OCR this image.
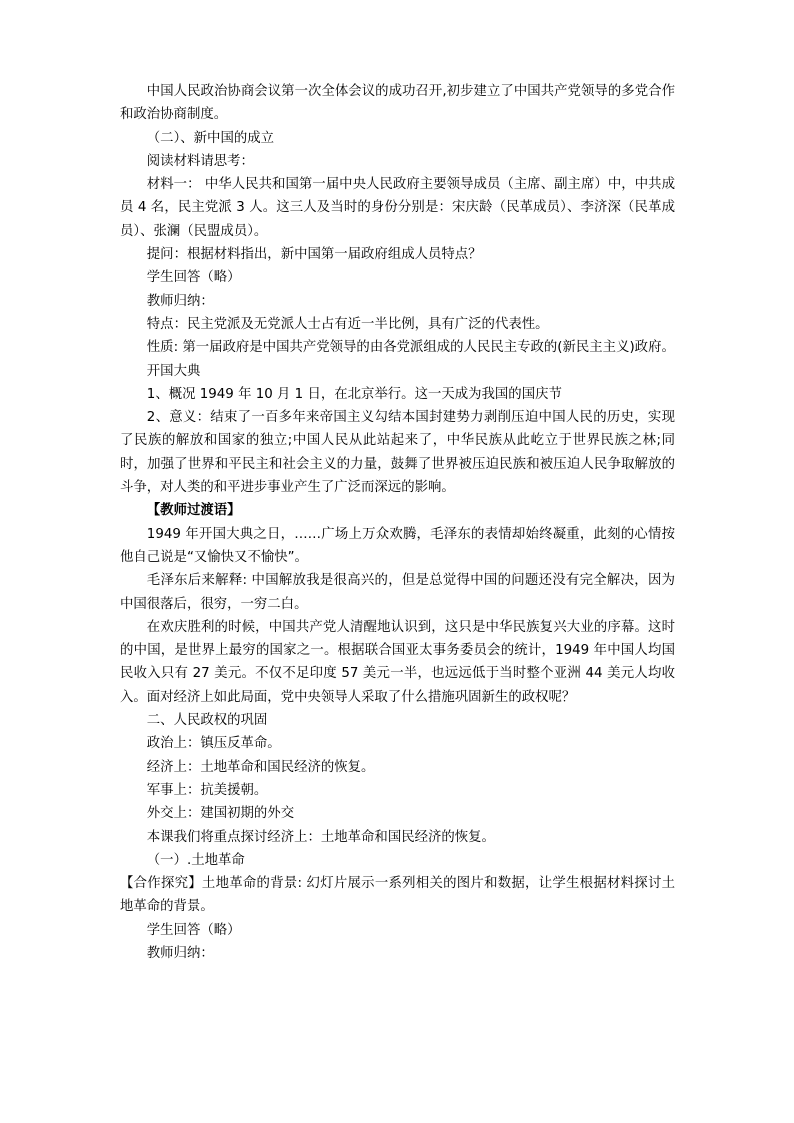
中国人民政治协商会议第一次全体会议的成功召开,初步建立了中国共产党领导的多党合作和政治协商制度。

（二）、新中国的成立

阅读材料请思考：

材料一： 中华人民共和国第一届中央人民政府主要领导成员（主席、副主席）中，中共成员 4 名，民主党派 3 人。这三人及当时的身份分别是：宋庆龄（民革成员）、李济深（民革成员）、张澜（民盟成员）。

提问：根据材料指出，新中国第一届政府组成人员特点？

学生回答（略）

教师归纳：

特点：民主党派及无党派人士占有近一半比例，具有广泛的代表性。

性质: 第一届政府是中国共产党领导的由各党派组成的人民民主专政的(新民主主义)政府。

开国大典

1、概况 1949 年 10 月 1 日，在北京举行。这一天成为我国的国庆节

2、意义：结束了一百多年来帝国主义勾结本国封建势力剥削压迫中国人民的历史，实现了民族的解放和国家的独立;中国人民从此站起来了，中华民族从此屹立于世界民族之林;同时，加强了世界和平民主和社会主义的力量，鼓舞了世界被压迫民族和被压迫人民争取解放的斗争，对人类的和平进步事业产生了广泛而深远的影响。

【教师过渡语】

1949 年开国大典之日，……广场上万众欢腾，毛泽东的表情却始终凝重，此刻的心情按他自己说是“又愉快又不愉快”。

毛泽东后来解释: 中国解放我是很高兴的，但是总觉得中国的问题还没有完全解决，因为中国很落后，很穷，一穷二白。

在欢庆胜利的时候，中国共产党人清醒地认识到，这只是中华民族复兴大业的序幕。这时的中国，是世界上最穷的国家之一。根据联合国亚太事务委员会的统计，1949 年中国人均国民收入只有 27 美元。不仅不足印度 57 美元一半，也远远低于当时整个亚洲 44 美元人均收入。面对经济上如此局面，党中央领导人采取了什么措施巩固新生的政权呢？

二、人民政权的巩固

政治上：镇压反革命。

经济上：土地革命和国民经济的恢复。

军事上：抗美援朝。

外交上：建国初期的外交

本课我们将重点探讨经济上：土地革命和国民经济的恢复。

（一）.土地革命

【合作探究】土地革命的背景: 幻灯片展示一系列相关的图片和数据，让学生根据材料探讨土地革命的背景。

学生回答（略）

教师归纳：
